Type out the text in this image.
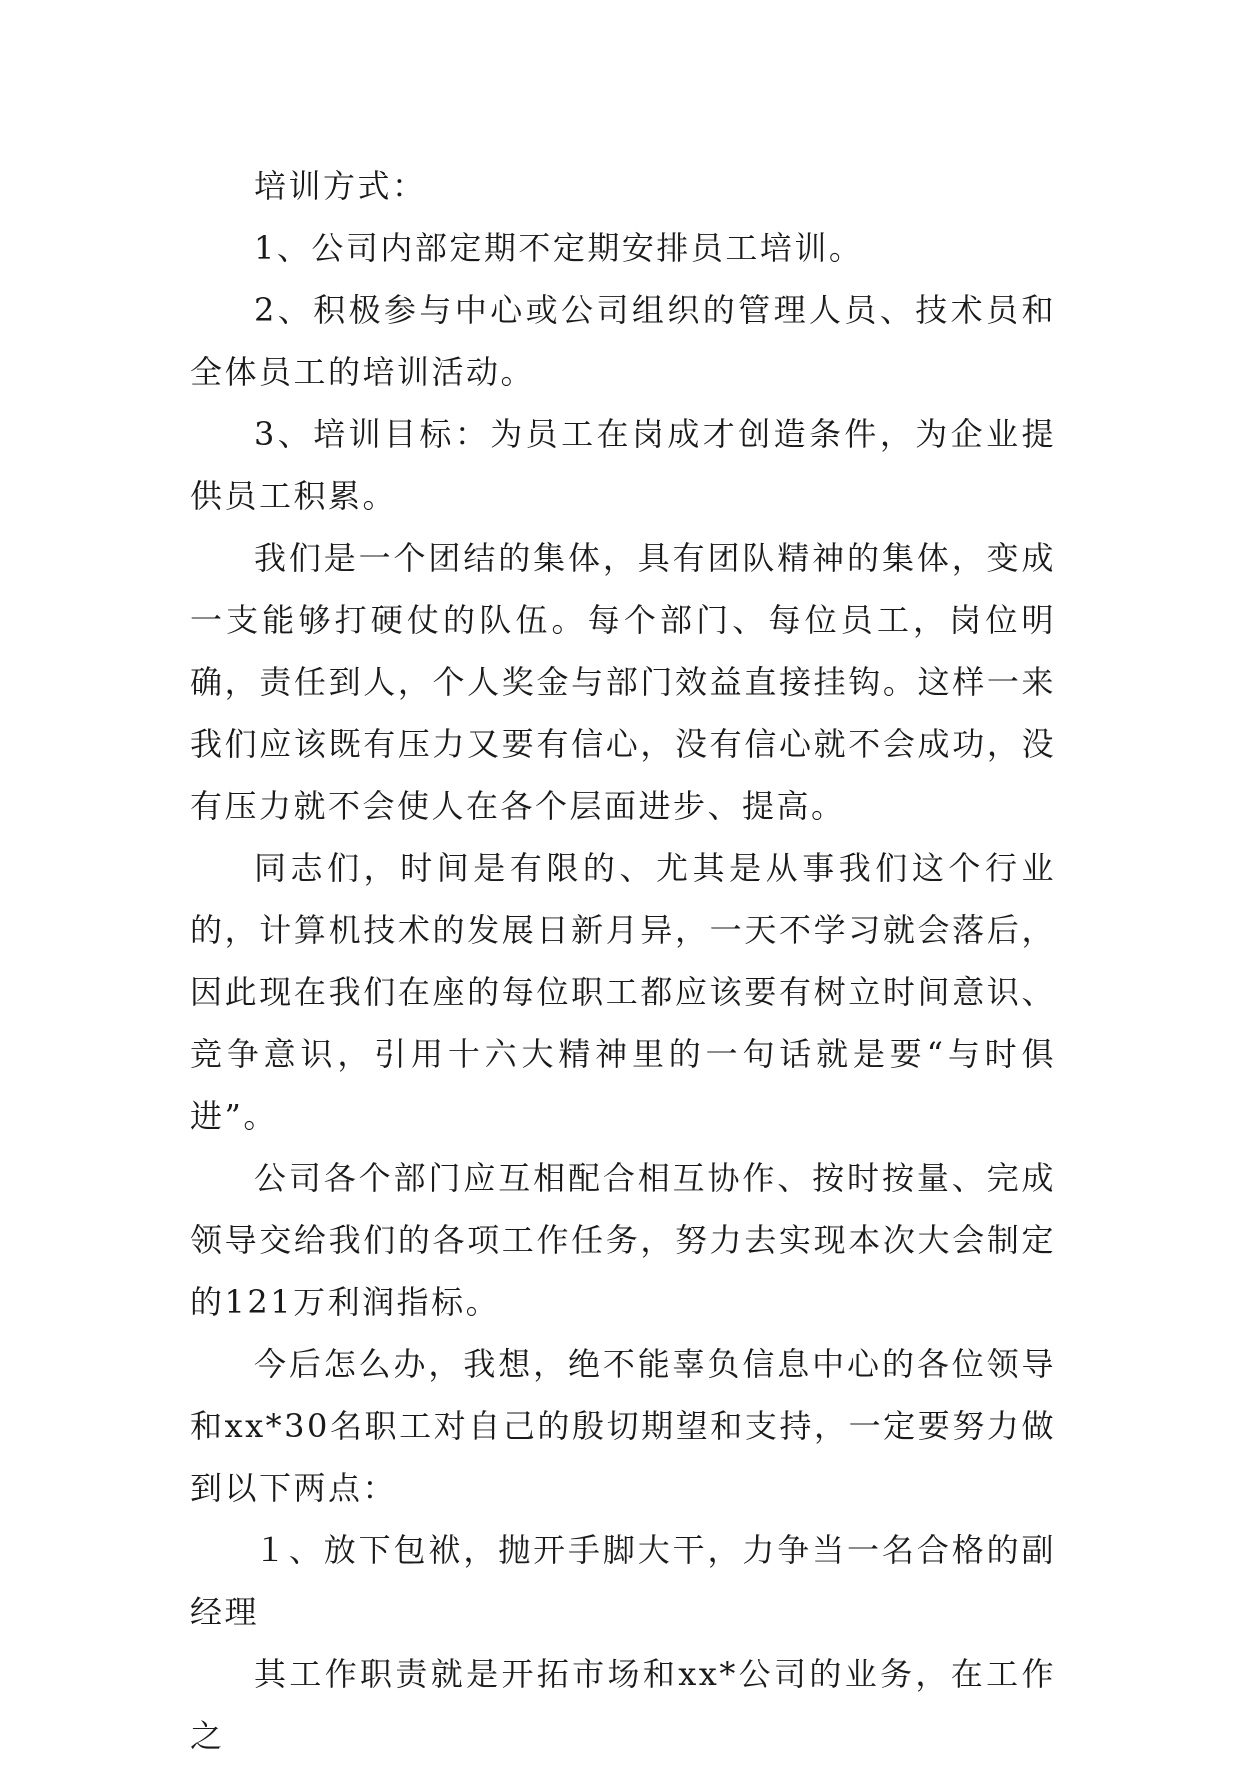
培训方式：

1、公司内部定期不定期安排员工培训。

2、积极参与中心或公司组织的管理人员、技术员和全体员工的培训活动。

3、培训目标：为员工在岗成才创造条件，为企业提供员工积累。

我们是一个团结的集体，具有团队精神的集体，变成一支能够打硬仗的队伍。每个部门、每位员工，岗位明确，责任到人，个人奖金与部门效益直接挂钩。这样一来我们应该既有压力又要有信心，没有信心就不会成功，没有压力就不会使人在各个层面进步、提高。

同志们，时间是有限的、尤其是从事我们这个行业的，计算机技术的发展日新月异，一天不学习就会落后，因此现在我们在座的每位职工都应该要有树立时间意识、竞争意识，引用十六大精神里的一句话就是要“与时俱进”。

公司各个部门应互相配合相互协作、按时按量、完成领导交给我们的各项工作任务，努力去实现本次大会制定的121万利润指标。

今后怎么办，我想，绝不能辜负信息中心的各位领导和xx*30名职工对自己的殷切期望和支持，一定要努力做到以下两点：

１、放下包袱，抛开手脚大干，力争当一名合格的副经理

其工作职责就是开拓市场和xx*公司的业务，在工作之
